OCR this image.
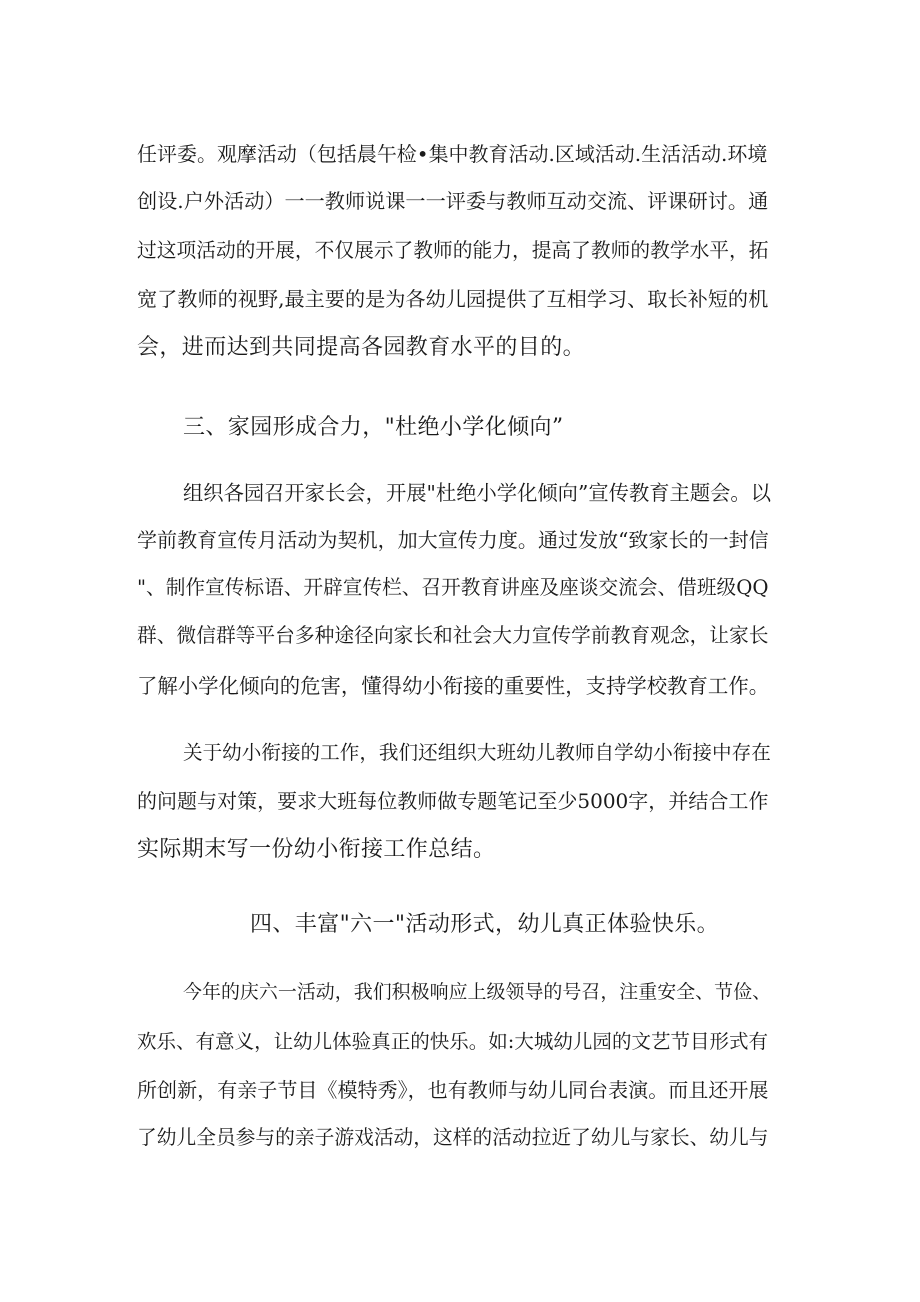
任评委。观摩活动（包括晨午检•集中教育活动.区域活动.生活活动.环境
创设.户外活动）一一教师说课一一评委与教师互动交流、评课研讨。通
过这项活动的开展，不仅展示了教师的能力，提高了教师的教学水平，拓
宽了教师的视野,最主要的是为各幼儿园提供了互相学习、取长补短的机
会，进而达到共同提高各园教育水平的目的。
三、家园形成合力，"杜绝小学化倾向”
组织各园召开家长会，开展"杜绝小学化倾向”宣传教育主题会。以
学前教育宣传月活动为契机，加大宣传力度。通过发放“致家长的一封信
"、制作宣传标语、开辟宣传栏、召开教育讲座及座谈交流会、借班级QQ
群、微信群等平台多种途径向家长和社会大力宣传学前教育观念，让家长
了解小学化倾向的危害，懂得幼小衔接的重要性，支持学校教育工作。
关于幼小衔接的工作，我们还组织大班幼儿教师自学幼小衔接中存在
的问题与对策，要求大班每位教师做专题笔记至少5000字，并结合工作
实际期末写一份幼小衔接工作总结。
四、丰富"六一"活动形式，幼儿真正体验快乐。
今年的庆六一活动，我们积极响应上级领导的号召，注重安全、节俭、
欢乐、有意义，让幼儿体验真正的快乐。如:大城幼儿园的文艺节目形式有
所创新，有亲子节目《模特秀》，也有教师与幼儿同台表演。而且还开展
了幼儿全员参与的亲子游戏活动，这样的活动拉近了幼儿与家长、幼儿与
